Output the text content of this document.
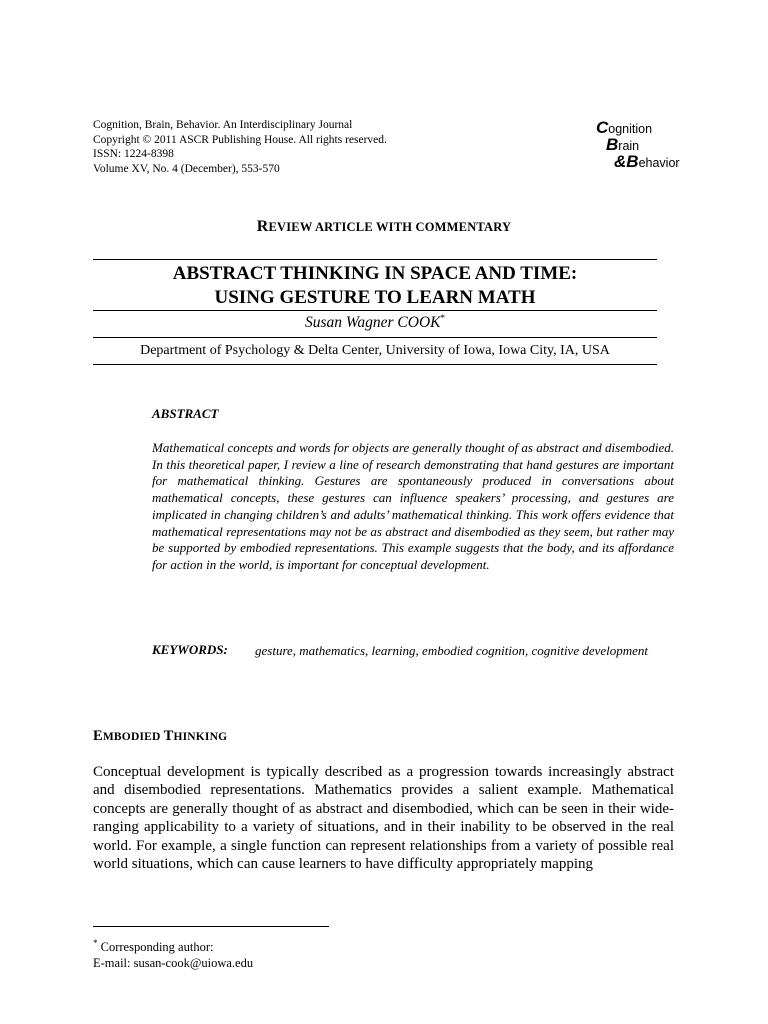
Cognition, Brain, Behavior. An Interdisciplinary Journal
Copyright © 2011 ASCR Publishing House. All rights reserved.
ISSN: 1224-8398
Volume XV, No. 4 (December), 553-570
Cognition
Brain
&Behavior
REVIEW ARTICLE WITH COMMENTARY
ABSTRACT THINKING IN SPACE AND TIME:
USING GESTURE TO LEARN MATH
Susan Wagner COOK*
Department of Psychology & Delta Center, University of Iowa, Iowa City, IA, USA
ABSTRACT

Mathematical concepts and words for objects are generally thought of as abstract and disembodied. In this theoretical paper, I review a line of research demonstrating that hand gestures are important for mathematical thinking. Gestures are spontaneously produced in conversations about mathematical concepts, these gestures can influence speakers’ processing, and gestures are implicated in changing children’s and adults’ mathematical thinking. This work offers evidence that mathematical representations may not be as abstract and disembodied as they seem, but rather may be supported by embodied representations. This example suggests that the body, and its affordance for action in the world, is important for conceptual development.

KEYWORDS: gesture, mathematics, learning, embodied cognition, cognitive development

EMBODIED THINKING

Conceptual development is typically described as a progression towards increasingly abstract and disembodied representations. Mathematics provides a salient example. Mathematical concepts are generally thought of as abstract and disembodied, which can be seen in their wide-ranging applicability to a variety of situations, and in their inability to be observed in the real world. For example, a single function can represent relationships from a variety of possible real world situations, which can cause learners to have difficulty appropriately mapping

* Corresponding author:
E-mail: susan-cook@uiowa.edu
